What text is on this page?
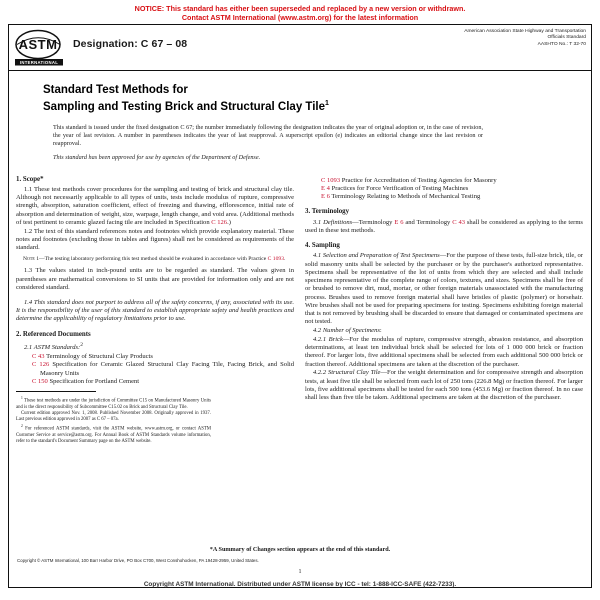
NOTICE: This standard has either been superseded and replaced by a new version or withdrawn.
Contact ASTM International (www.astm.org) for the latest information
ASTM
INTERNATIONAL
Designation: C 67 – 08
American Association State Highway and Transportation
Officials Standard
AASHTO No.: T 32-70
Standard Test Methods for
Sampling and Testing Brick and Structural Clay Tile$^1$
This standard is issued under the fixed designation C 67; the number immediately following the designation indicates the year of original adoption or, in the case of revision, the year of last revision. A number in parentheses indicates the year of last reapproval. A superscript epsilon (e) indicates an editorial change since the last revision or reapproval.
This standard has been approved for use by agencies of the Department of Defense.
1. Scope*

1.1 These test methods cover procedures for the sampling and testing of brick and structural clay tile. Although not necessarily applicable to all types of units, tests include modulus of rupture, compressive strength, absorption, saturation coefficient, effect of freezing and thawing, efflorescence, initial rate of absorption and determination of weight, size, warpage, length change, and void area. (Additional methods of test pertinent to ceramic glazed facing tile are included in Specification C 126.)

1.2 The text of this standard references notes and footnotes which provide explanatory material. These notes and footnotes (excluding those in tables and figures) shall not be considered as requirements of the standard.

Note 1—The testing laboratory performing this test method should be evaluated in accordance with Practice C 1093.

1.3 The values stated in inch-pound units are to be regarded as standard. The values given in parentheses are mathematical conversions to SI units that are provided for information only and are not considered standard.

1.4 This standard does not purport to address all of the safety concerns, if any, associated with its use. It is the responsibility of the user of this standard to establish appropriate safety and health practices and determine the applicability of regulatory limitations prior to use.

2. Referenced Documents

2.1 ASTM Standards:$^2$

C 43 Terminology of Structural Clay Products
C 126 Specification for Ceramic Glazed Structural Clay Facing Tile, Facing Brick, and Solid Masonry Units
C 150 Specification for Portland Cement

$^1$ These test methods are under the jurisdiction of Committee C15 on Manufactured Masonry Units and is the direct responsibility of Subcommittee C15.02 on Brick and Structural Clay Tile.

Current edition approved Nov. 1, 2008. Published November 2008. Originally approved in 1937. Last previous edition approved in 2007 as C 67 – 07a.

$^2$ For referenced ASTM standards, visit the ASTM website, www.astm.org, or contact ASTM Customer Service at service@astm.org. For Annual Book of ASTM Standards volume information, refer to the standard's Document Summary page on the ASTM website.

C 1093 Practice for Accreditation of Testing Agencies for Masonry
E 4 Practices for Force Verification of Testing Machines
E 6 Terminology Relating to Methods of Mechanical Testing
3. Terminology

3.1 Definitions—Terminology E 6 and Terminology C 43 shall be considered as applying to the terms used in these test methods.

4. Sampling

4.1 Selection and Preparation of Test Specimens—For the purpose of these tests, full-size brick, tile, or solid masonry units shall be selected by the purchaser or by the purchaser's authorized representative. Specimens shall be representative of the lot of units from which they are selected and shall include specimens representative of the complete range of colors, textures, and sizes. Specimens shall be free of or brushed to remove dirt, mud, mortar, or other foreign materials unassociated with the manufacturing process. Brushes used to remove foreign material shall have bristles of plastic (polymer) or horsehair. Wire brushes shall not be used for preparing specimens for testing. Specimens exhibiting foreign material that is not removed by brushing shall be discarded to ensure that damaged or contaminated specimens are not tested.

4.2 Number of Specimens:

4.2.1 Brick—For the modulus of rupture, compressive strength, abrasion resistance, and absorption determinations, at least ten individual brick shall be selected for lots of 1 000 000 brick or fraction thereof. For larger lots, five additional specimens shall be selected from each additional 500 000 brick or fraction thereof. Additional specimens are taken at the discretion of the purchaser.

4.2.2 Structural Clay Tile—For the weight determination and for compressive strength and absorption tests, at least five tile shall be selected from each lot of 250 tons (226.8 Mg) or fraction thereof. For larger lots, five additional specimens shall be tested for each 500 tons (453.6 Mg) or fraction thereof. In no case shall less than five tile be taken. Additional specimens are taken at the discretion of the purchaser.

*A Summary of Changes section appears at the end of this standard.
Copyright © ASTM International, 100 Barr Harbor Drive, PO Box C700, West Conshohocken, PA 19428-2959, United States.
1
Copyright ASTM International. Distributed under ASTM license by ICC - tel: 1-888-ICC-SAFE (422-7233).
